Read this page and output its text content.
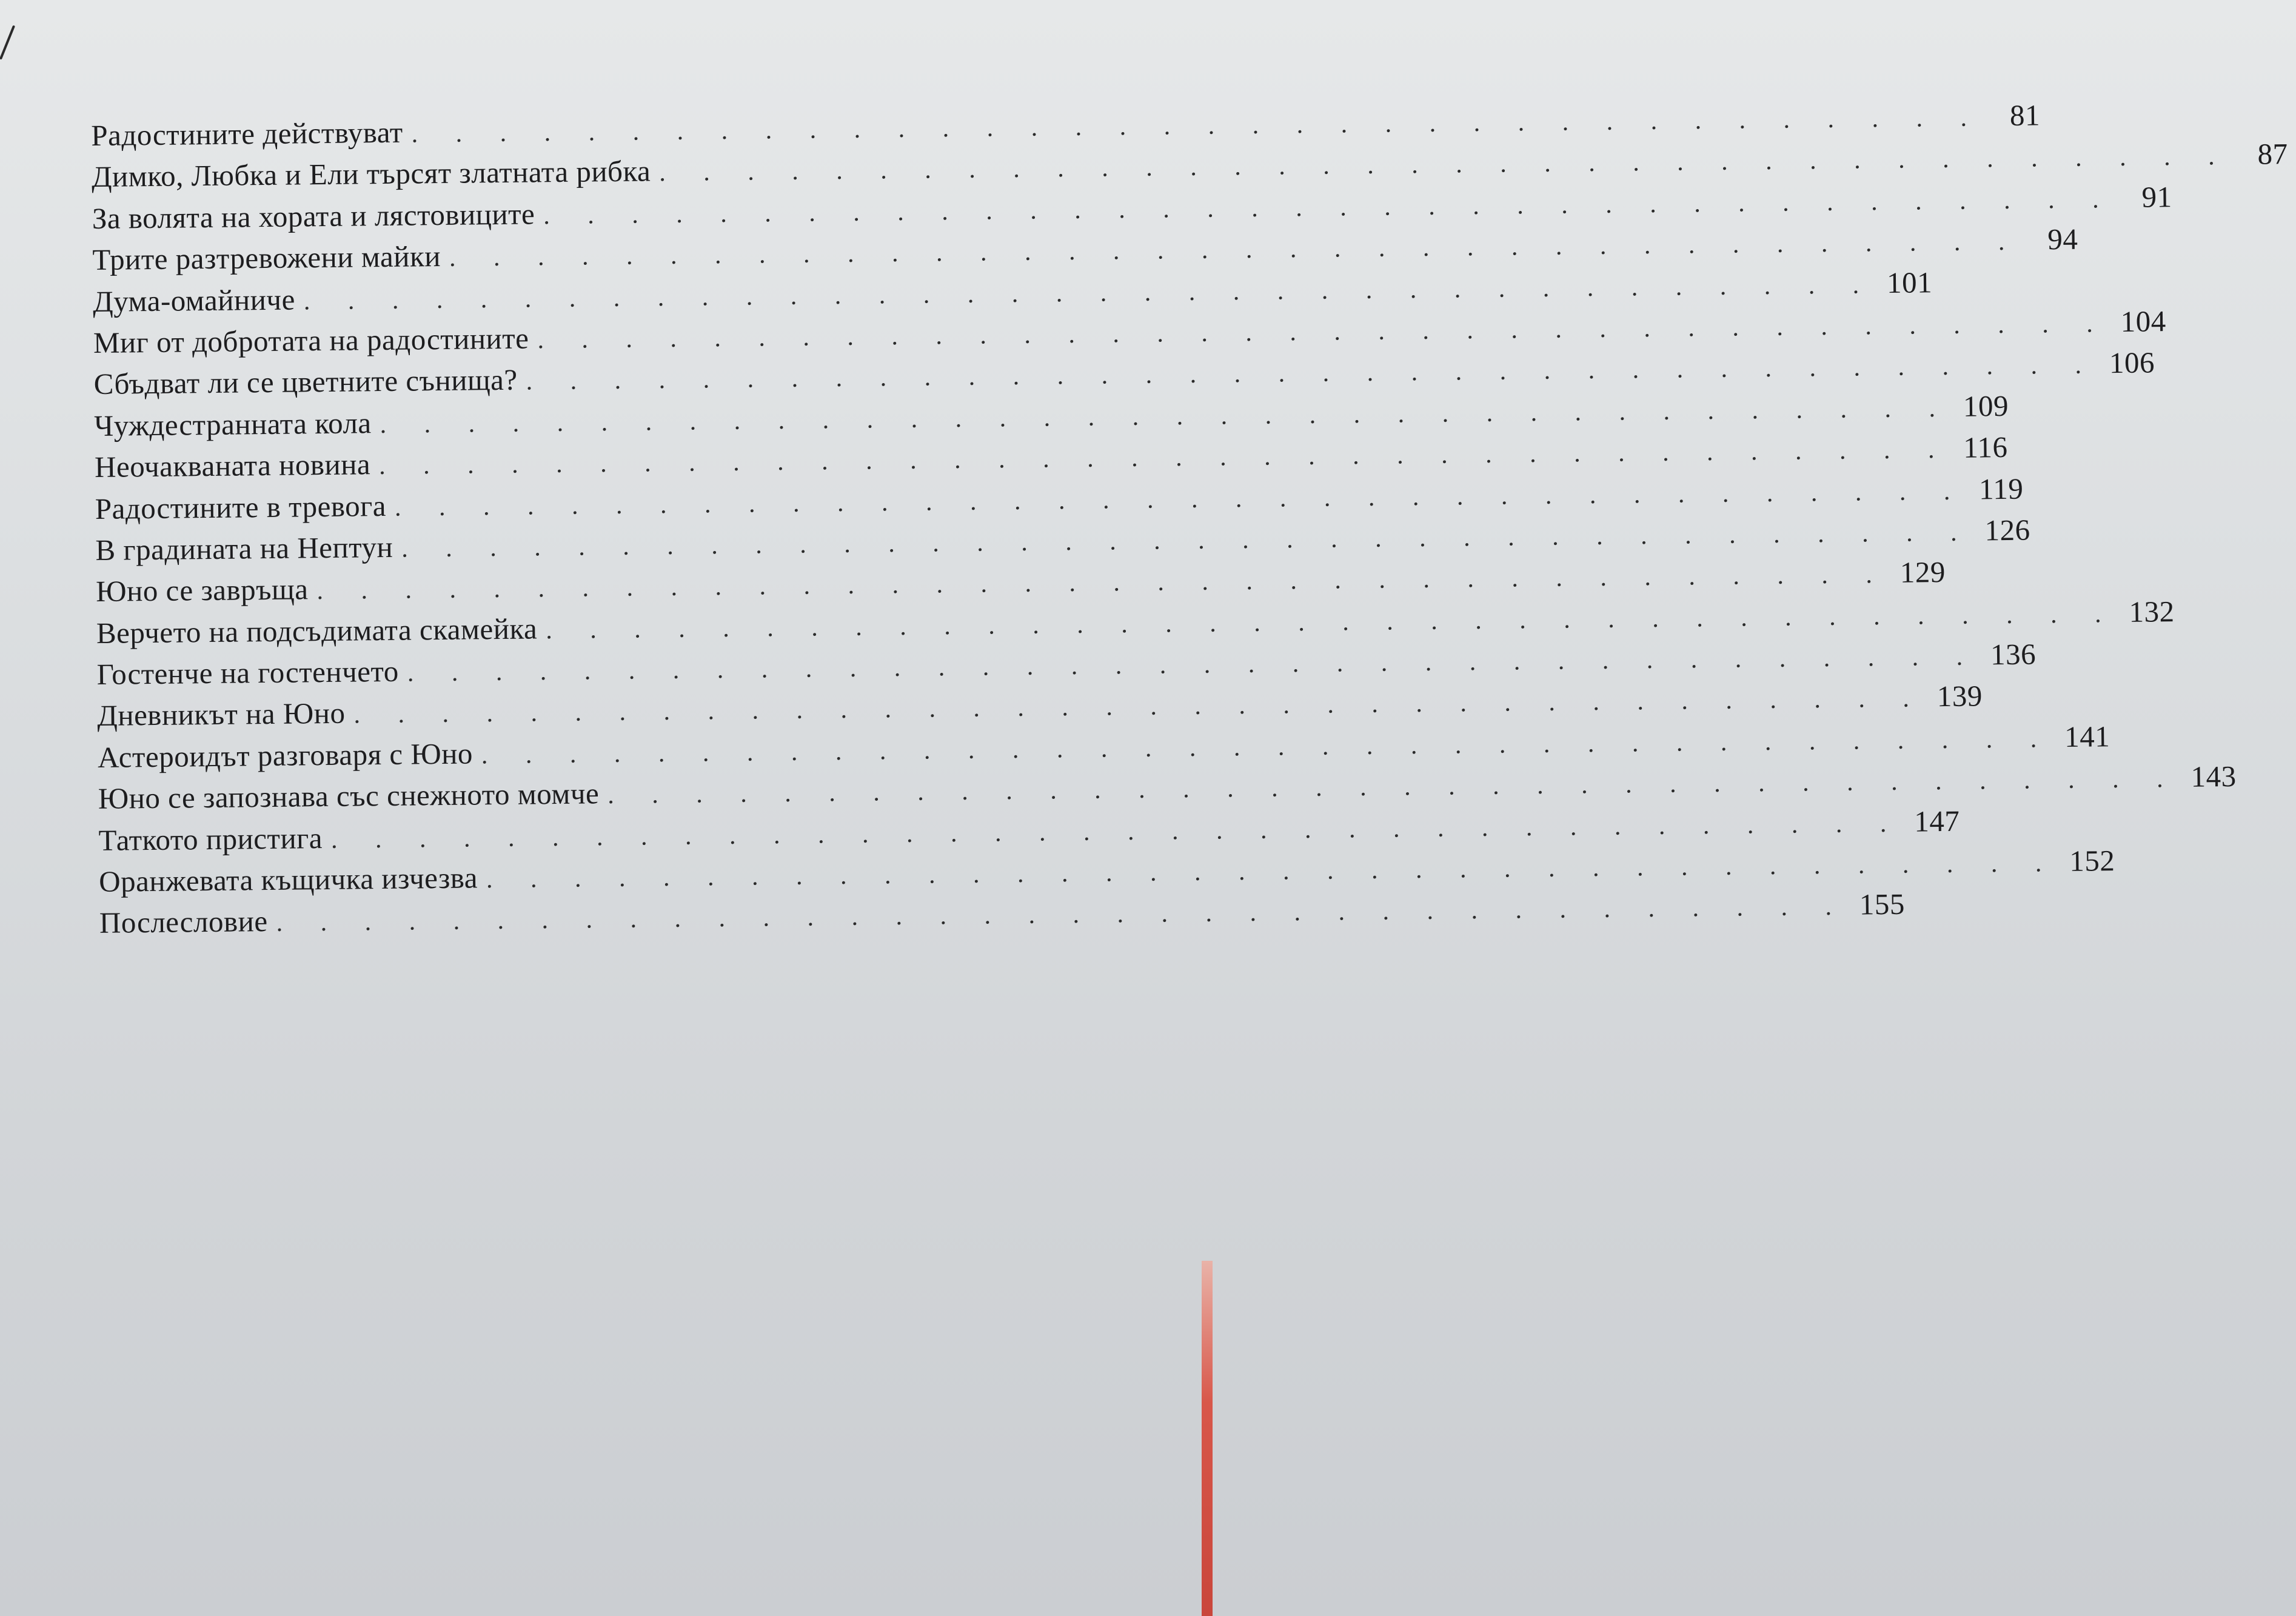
Радостините действуват . . . . . . . . . . . . . . . . . . . . . . . . . . . . . . . . . . . . 81
Димко, Любка и Ели търсят златната рибка . . . . . . . . . . . . . . . . . . . . . . . . . . . . . . . . . . . . 87
За волята на хората и лястовиците . . . . . . . . . . . . . . . . . . . . . . . . . . . . . . . . . . . . 91
Трите разтревожени майки . . . . . . . . . . . . . . . . . . . . . . . . . . . . . . . . . . . . 94
Дума-омайниче . . . . . . . . . . . . . . . . . . . . . . . . . . . . . . . . . . . . 101
Миг от добротата на радостините . . . . . . . . . . . . . . . . . . . . . . . . . . . . . . . . . . . . 104
Сбъдват ли се цветните сънища? . . . . . . . . . . . . . . . . . . . . . . . . . . . . . . . . . . . . 106
Чуждестранната кола . . . . . . . . . . . . . . . . . . . . . . . . . . . . . . . . . . . . 109
Неочакваната новина . . . . . . . . . . . . . . . . . . . . . . . . . . . . . . . . . . . . 116
Радостините в тревога . . . . . . . . . . . . . . . . . . . . . . . . . . . . . . . . . . . . 119
В градината на Нептун . . . . . . . . . . . . . . . . . . . . . . . . . . . . . . . . . . . . 126
Юно се завръща . . . . . . . . . . . . . . . . . . . . . . . . . . . . . . . . . . . . 129
Верчето на подсъдимата скамейка . . . . . . . . . . . . . . . . . . . . . . . . . . . . . . . . . . . . 132
Гостенче на гостенчето . . . . . . . . . . . . . . . . . . . . . . . . . . . . . . . . . . . . 136
Дневникът на Юно . . . . . . . . . . . . . . . . . . . . . . . . . . . . . . . . . . . . 139
Астероидът разговаря с Юно . . . . . . . . . . . . . . . . . . . . . . . . . . . . . . . . . . . . 141
Юно се запознава със снежното момче . . . . . . . . . . . . . . . . . . . . . . . . . . . . . . . . . . . . 143
Таткото пристига . . . . . . . . . . . . . . . . . . . . . . . . . . . . . . . . . . . . 147
Оранжевата къщичка изчезва . . . . . . . . . . . . . . . . . . . . . . . . . . . . . . . . . . . . 152
Послесловие . . . . . . . . . . . . . . . . . . . . . . . . . . . . . . . . . . . . 155
